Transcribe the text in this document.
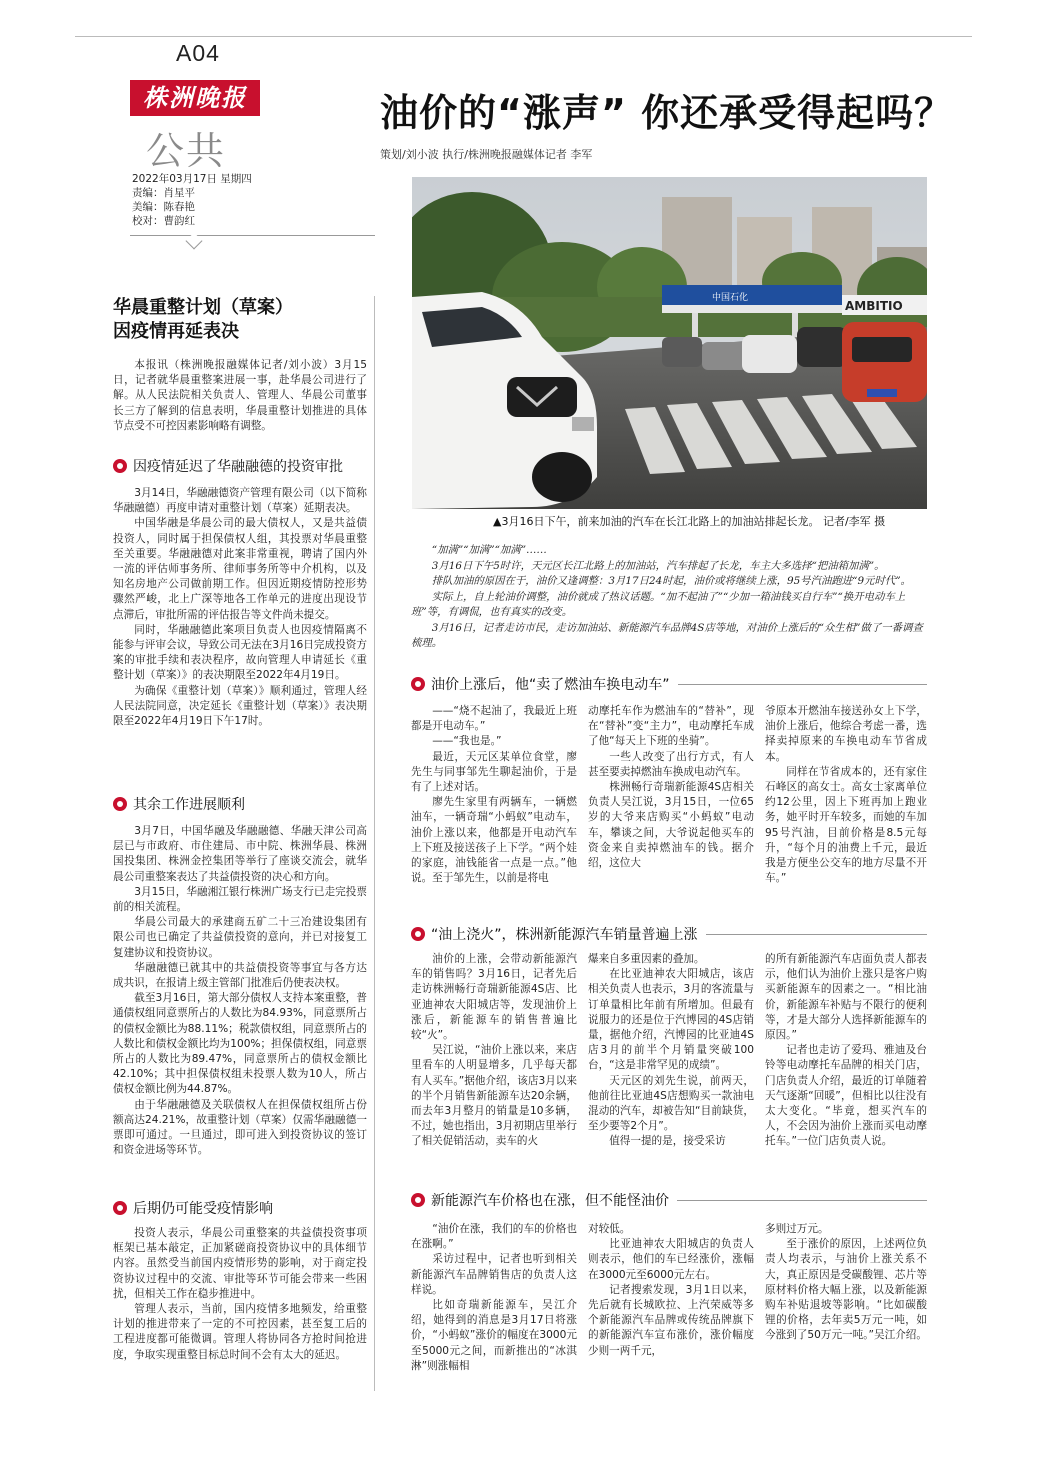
A04
株洲晚报
公共
2022年03月17日 星期四
责编：肖星平
美编：陈春艳
校对：曹韵红
油价的“涨声” 你还承受得起吗？
策划/刘小波 执行/株洲晚报融媒体记者 李军
中国石化
AMBITIO
▲3月16日下午，前来加油的汽车在长江北路上的加油站排起长龙。 记者/李军 摄

“加满”“加满”“加满”……

3月16日下午5时许，天元区长江北路上的加油站，汽车排起了长龙，车主大多选择“把油箱加满”。

排队加油的原因在于，油价又逢调整：3月17日24时起，油价或将继续上涨，95号汽油跑进“9元时代”。

实际上，自上轮油价调整，油价就成了热议话题。“加不起油了”“少加一箱油钱买自行车”“换开电动车上班”等，有调侃，也有真实的改变。

3月16日，记者走访市民，走访加油站、新能源汽车品牌4S店等地，对油价上涨后的“众生相”做了一番调查梳理。

油价上涨后，他“卖了燃油车换电动车”

——“烧不起油了，我最近上班都是开电动车。”

——“我也是。”

最近，天元区某单位食堂，廖先生与同事邹先生聊起油价，于是有了上述对话。

廖先生家里有两辆车，一辆燃油车，一辆奇瑞“小蚂蚁”电动车，油价上涨以来，他都是开电动汽车上下班及接送孩子上下学。“两个娃的家庭，油钱能省一点是一点。”他说。至于邹先生，以前是将电

动摩托车作为燃油车的“替补”，现在“替补”变“主力”，电动摩托车成了他“每天上下班的坐骑”。

一些人改变了出行方式，有人甚至要卖掉燃油车换成电动汽车。

株洲畅行奇瑞新能源4S店相关负责人吴江说，3月15日，一位65岁的大爷来店购买“小蚂蚁”电动车，攀谈之间，大爷说起他买车的资金来自卖掉燃油车的钱。据介绍，这位大

爷原本开燃油车接送孙女上下学，油价上涨后，他综合考虑一番，选择卖掉原来的车换电动车节省成本。

同样在节省成本的，还有家住石峰区的高女士。高女士家离单位约12公里，因上下班再加上跑业务，她平时开车较多，而她的车加95号汽油，目前价格是8.5元每升，“每个月的油费上千元，最近我是方便坐公交车的地方尽量不开车。”

“油上浇火”，株洲新能源汽车销量普遍上涨

油价的上涨，会带动新能源汽车的销售吗？3月16日，记者先后走访株洲畅行奇瑞新能源4S店、比亚迪神农大阳城店等，发现油价上涨后，新能源车的销售普遍比较“火”。

吴江说，“油价上涨以来，来店里看车的人明显增多，几乎每天都有人买车。”据他介绍，该店3月以来的半个月销售新能源车达20余辆，而去年3月整月的销量是10多辆，不过，她也指出，3月初期店里举行了相关促销活动，卖车的火

爆来自多重因素的叠加。

在比亚迪神农大阳城店，该店相关负责人也表示，3月的客流量与订单量相比年前有所增加。但最有说服力的还是位于汽博园的4S店销量，据他介绍，汽博园的比亚迪4S店3月的前半个月销量突破100台，“这是非常罕见的成绩”。

天元区的刘先生说，前两天，他前往比亚迪4S店想购买一款油电混动的汽车，却被告知“目前缺货，至少要等2个月”。

值得一提的是，接受采访

的所有新能源汽车店面负责人都表示，他们认为油价上涨只是客户购买新能源车的因素之一。“相比油价，新能源车补贴与不限行的便利等，才是大部分人选择新能源车的原因。”

记者也走访了爱玛、雅迪及台铃等电动摩托车品牌的相关门店，门店负责人介绍，最近的订单随着天气逐渐“回暖”，但相比以往没有太大变化。“毕竟，想买汽车的人，不会因为油价上涨而买电动摩托车。”一位门店负责人说。

新能源汽车价格也在涨，但不能怪油价

“油价在涨，我们的车的价格也在涨啊。”

采访过程中，记者也听到相关新能源汽车品牌销售店的负责人这样说。

比如奇瑞新能源车，吴江介绍，她得到的消息是3月17日将涨价，“小蚂蚁”涨价的幅度在3000元至5000元之间，而新推出的“冰淇淋”则涨幅相

对较低。

比亚迪神农大阳城店的负责人则表示，他们的车已经涨价，涨幅在3000元至6000元左右。

记者搜索发现，3月1日以来，先后就有长城欧拉、上汽荣威等多个新能源汽车品牌或传统品牌旗下的新能源汽车宣布涨价，涨价幅度少则一两千元，

多则过万元。

至于涨价的原因，上述两位负责人均表示，与油价上涨关系不大，真正原因是受碳酸锂、芯片等原材料价格大幅上涨，以及新能源购车补贴退坡等影响。“比如碳酸锂的价格，去年卖5万元一吨，如今涨到了50万元一吨。”吴江介绍。

华晨重整计划（草案）
因疫情再延表决

本报讯（株洲晚报融媒体记者/刘小波）3月15日，记者就华晨重整案进展一事，赴华晨公司进行了解。从人民法院相关负责人、管理人、华晨公司董事长三方了解到的信息表明，华晨重整计划推进的具体节点受不可控因素影响略有调整。

因疫情延迟了华融融德的投资审批

3月14日，华融融德资产管理有限公司（以下简称华融融德）再度申请对重整计划（草案）延期表决。

中国华融是华晨公司的最大债权人，又是共益债投资人，同时属于担保债权人组，其投票对华晨重整至关重要。华融融德对此案非常重视，聘请了国内外一流的评估师事务所、律师事务所等中介机构，以及知名房地产公司做前期工作。但因近期疫情防控形势骤然严峻，北上广深等地各工作单元的进度出现设节点滞后，审批所需的评估报告等文件尚未提交。

同时，华融融德此案项目负责人也因疫情隔离不能参与评审会议，导致公司无法在3月16日完成投资方案的审批手续和表决程序，故向管理人申请延长《重整计划（草案）》的表决期限至2022年4月19日。

为确保《重整计划（草案）》顺利通过，管理人经人民法院同意，决定延长《重整计划（草案）》表决期限至2022年4月19日下午17时。

其余工作进展顺利

3月7日，中国华融及华融融德、华融天津公司高层已与市政府、市住建局、市中院、株洲华晨、株洲国投集团、株洲金控集团等举行了座谈交流会，就华晨公司重整案表达了共益债投资的决心和方向。

3月15日，华融湘江银行株洲广场支行已走完投票前的相关流程。

华晨公司最大的承建商五矿二十三冶建设集团有限公司也已确定了共益债投资的意向，并已对接复工复建协议和投资协议。

华融融德已就其中的共益债投资等事宜与各方达成共识，在报请上级主管部门批准后仍使表决权。

截至3月16日，第大部分债权人支持本案重整，普通债权组同意票所占的人数比为84.93%，同意票所占的债权金额比为88.11%；税款债权组，同意票所占的人数比和债权金额比均为100%；担保债权组，同意票所占的人数比为89.47%，同意票所占的债权金额比42.10%；其中担保债权组未投票人数为10人，所占债权金额比例为44.87%。

由于华融融德及关联债权人在担保债权组所占份额高达24.21%，故重整计划（草案）仅需华融融德一票即可通过。一旦通过，即可进入到投资协议的签订和资金进场等环节。

后期仍可能受疫情影响

投资人表示，华晨公司重整案的共益债投资事项框架已基本敲定，正加紧磋商投资协议中的具体细节内容。虽然受当前国内疫情形势的影响，对于商定投资协议过程中的交流、审批等环节可能会带来一些困扰，但相关工作在稳步推进中。

管理人表示，当前，国内疫情多地频发，给重整计划的推进带来了一定的不可控因素，甚至复工后的工程进度都可能微调。管理人将协同各方抢时间抢进度，争取实现重整目标总时间不会有太大的延迟。
